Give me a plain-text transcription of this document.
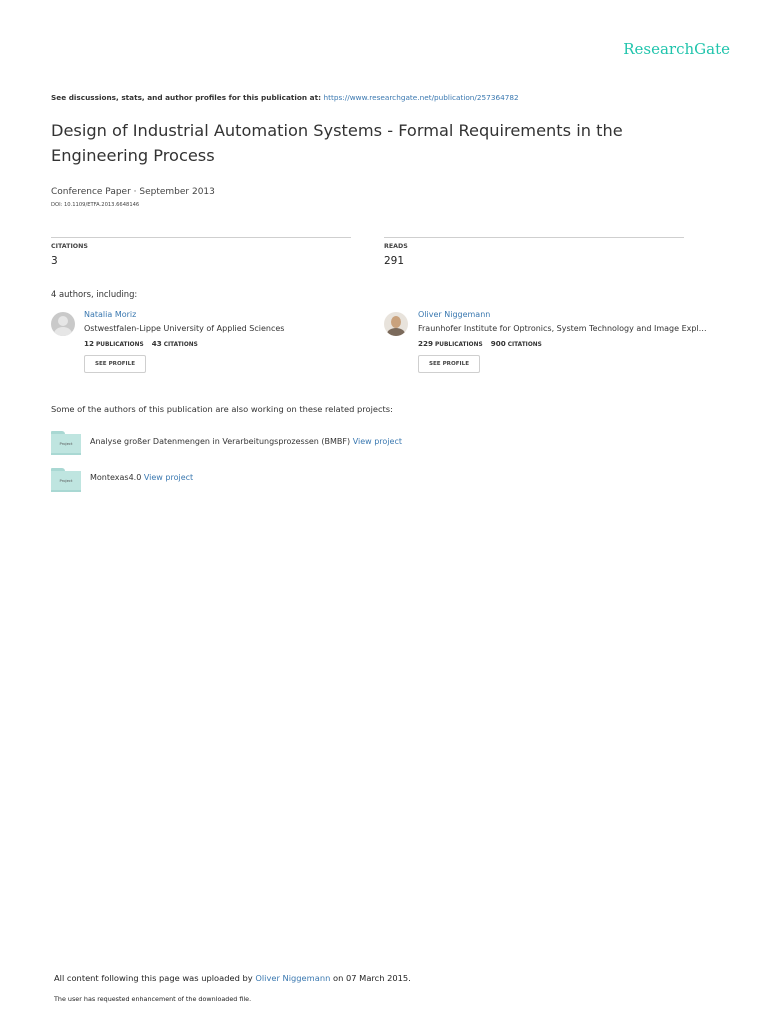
ResearchGate
See discussions, stats, and author profiles for this publication at: https://www.researchgate.net/publication/257364782
Design of Industrial Automation Systems - Formal Requirements in the Engineering Process
Conference Paper · September 2013
DOI: 10.1109/ETFA.2013.6648146
CITATIONS
3
READS
291
4 authors, including:
Natalia Moriz
Ostwestfalen-Lippe University of Applied Sciences
12 PUBLICATIONS 43 CITATIONS
SEE PROFILE
Oliver Niggemann
Fraunhofer Institute for Optronics, System Technology and Image Expl…
229 PUBLICATIONS 900 CITATIONS
SEE PROFILE
Some of the authors of this publication are also working on these related projects:
Project	Analyse großer Datenmengen in Verarbeitungsprozessen (BMBF) View project
Project	Montexas4.0 View project
All content following this page was uploaded by Oliver Niggemann on 07 March 2015.
The user has requested enhancement of the downloaded file.
